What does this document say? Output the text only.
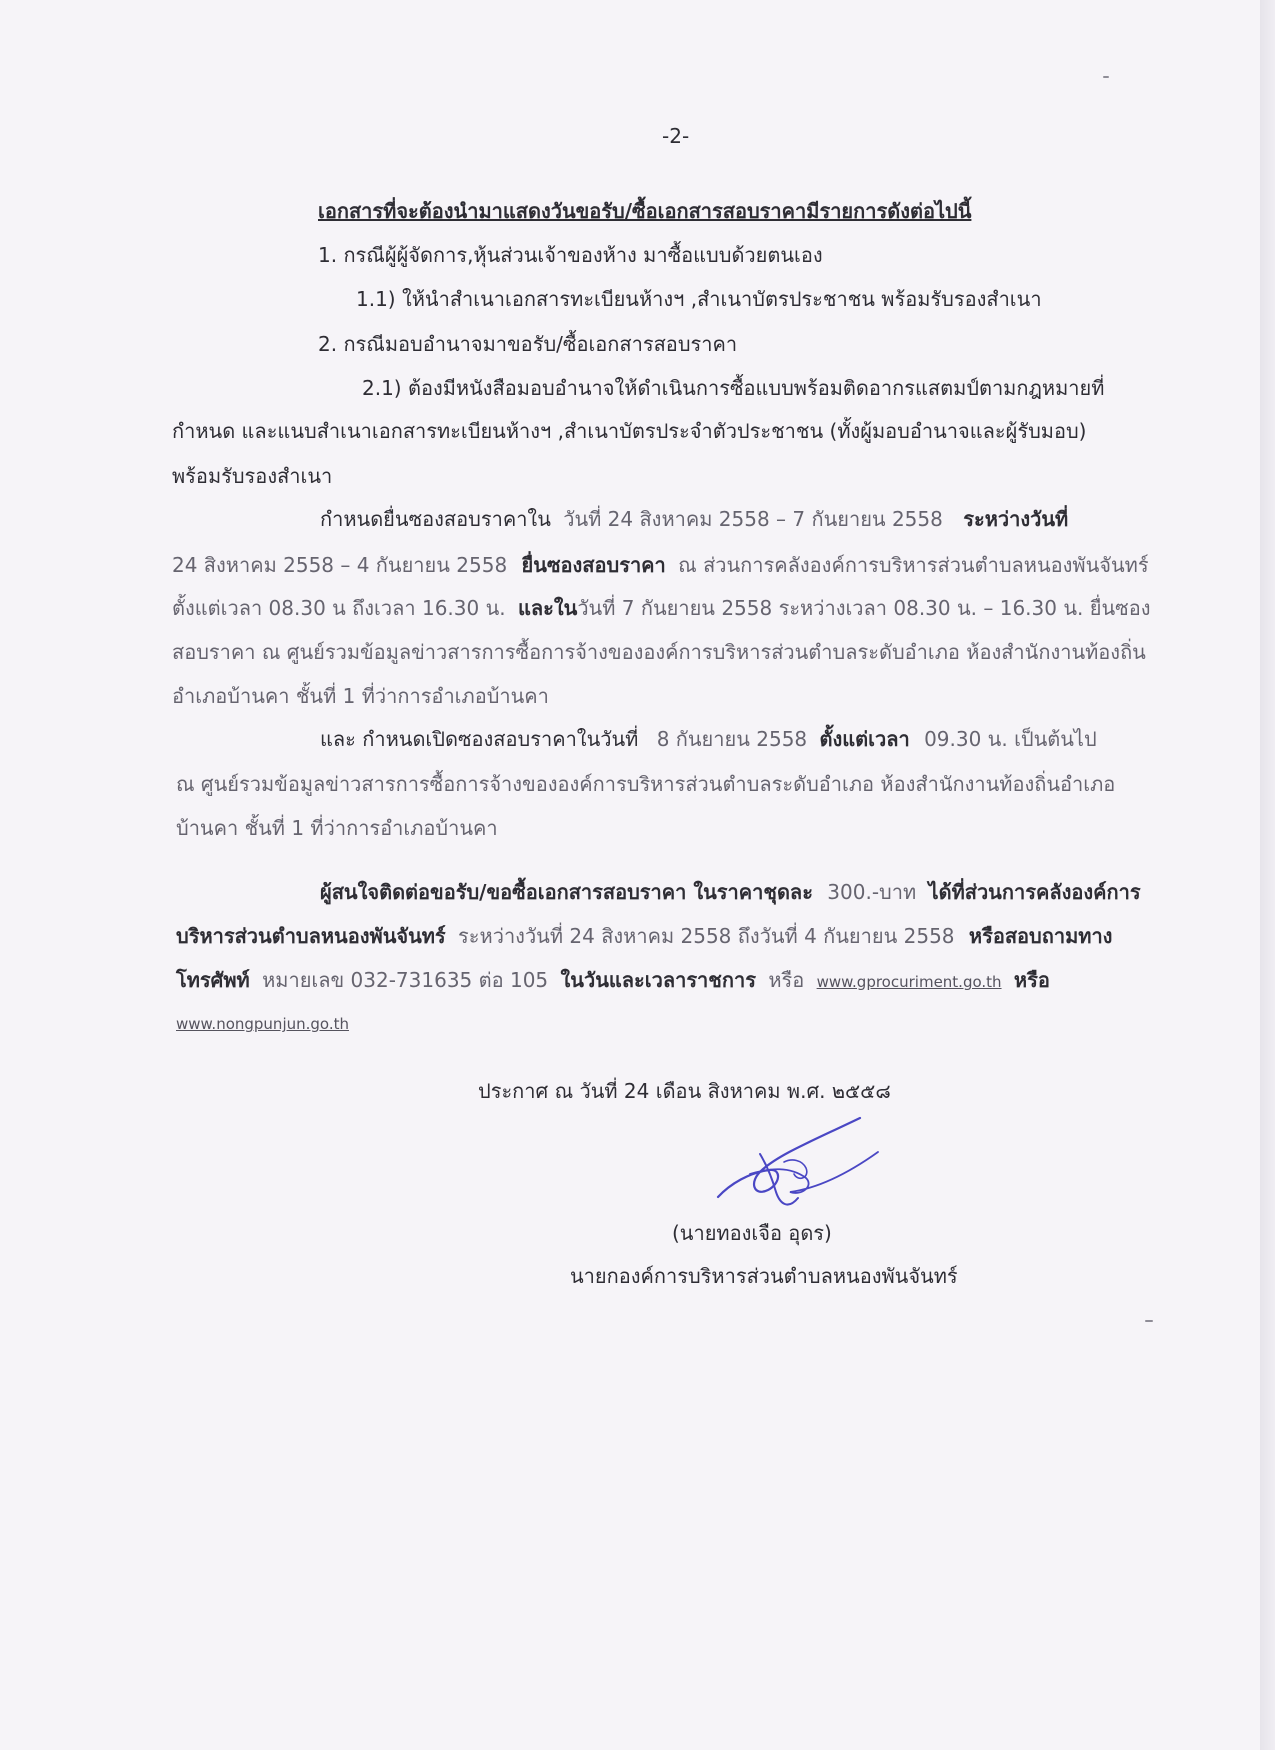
-2-
เอกสารที่จะต้องนำมาแสดงวันขอรับ/ซื้อเอกสารสอบราคามีรายการดังต่อไปนี้
1. กรณีผู้ผู้จัดการ,หุ้นส่วนเจ้าของห้าง มาซื้อแบบด้วยตนเอง
1.1) ให้นำสำเนาเอกสารทะเบียนห้างฯ ,สำเนาบัตรประชาชน พร้อมรับรองสำเนา
2. กรณีมอบอำนาจมาขอรับ/ซื้อเอกสารสอบราคา
2.1) ต้องมีหนังสือมอบอำนาจให้ดำเนินการซื้อแบบพร้อมติดอากรแสตมป์ตามกฎหมายที่
กำหนด และแนบสำเนาเอกสารทะเบียนห้างฯ ,สำเนาบัตรประจำตัวประชาชน (ทั้งผู้มอบอำนาจและผู้รับมอบ)
พร้อมรับรองสำเนา
กำหนดยื่นซองสอบราคาใน วันที่ 24 สิงหาคม 2558 – 7 กันยายน 2558 ระหว่างวันที่
24 สิงหาคม 2558 – 4 กันยายน 2558 ยื่นซองสอบราคา ณ ส่วนการคลังองค์การบริหารส่วนตำบลหนองพันจันทร์
ตั้งแต่เวลา 08.30 น ถึงเวลา 16.30 น. และในวันที่ 7 กันยายน 2558 ระหว่างเวลา 08.30 น. – 16.30 น. ยื่นซอง
สอบราคา ณ ศูนย์รวมข้อมูลข่าวสารการซื้อการจ้างขององค์การบริหารส่วนตำบลระดับอำเภอ ห้องสำนักงานท้องถิ่น
อำเภอบ้านคา ชั้นที่ 1 ที่ว่าการอำเภอบ้านคา
และ กำหนดเปิดซองสอบราคาในวันที่ 8 กันยายน 2558 ตั้งแต่เวลา 09.30 น. เป็นต้นไป
ณ ศูนย์รวมข้อมูลข่าวสารการซื้อการจ้างขององค์การบริหารส่วนตำบลระดับอำเภอ ห้องสำนักงานท้องถิ่นอำเภอ
บ้านคา ชั้นที่ 1 ที่ว่าการอำเภอบ้านคา
ผู้สนใจติดต่อขอรับ/ขอซื้อเอกสารสอบราคา ในราคาชุดละ 300.-บาท ได้ที่ส่วนการคลังองค์การ
บริหารส่วนตำบลหนองพันจันทร์ ระหว่างวันที่ 24 สิงหาคม 2558 ถึงวันที่ 4 กันยายน 2558 หรือสอบถามทาง
โทรศัพท์ หมายเลข 032-731635 ต่อ 105 ในวันและเวลาราชการ หรือ www.gprocuriment.go.th หรือ
www.nongpunjun.go.th
ประกาศ ณ วันที่ 24 เดือน สิงหาคม พ.ศ. ๒๕๕๘
(นายทองเจือ อุดร)
นายกองค์การบริหารส่วนตำบลหนองพันจันทร์
